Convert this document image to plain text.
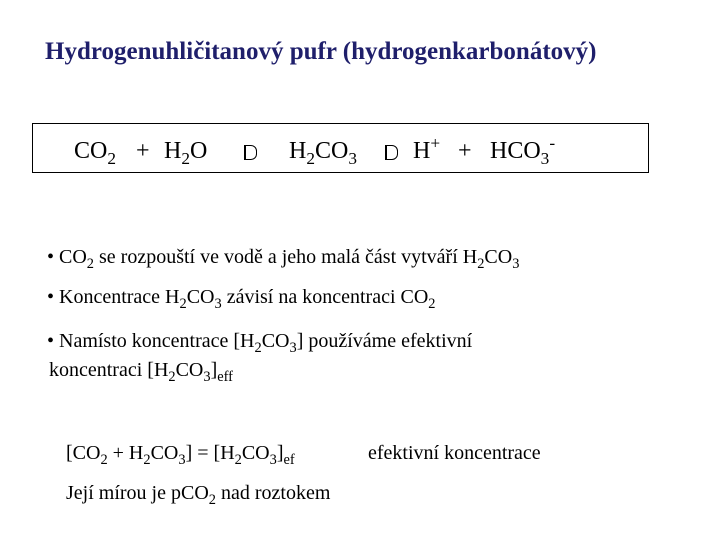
Hydrogenuhličitanový pufr (hydrogenkarbonátový)
$CO_2 + H_2O$	$H_2CO_3$ $H^+ + HCO_3^-$
• $CO_2$ se rozpouští ve vodě a jeho malá část vytváří $H_2CO_3$
• Koncentrace $H_2CO_3$ závisí na koncentraci $CO_2$
• Namísto koncentrace $[H_2CO_3]$ používáme efektivní
koncentraci $[H_2CO_3]_{eff}$
$[CO_2 + H_2CO_3] = [H_2CO_3]_{ef}$	efektivní koncentrace
Její mírou je pCO$_2$ nad roztokem
